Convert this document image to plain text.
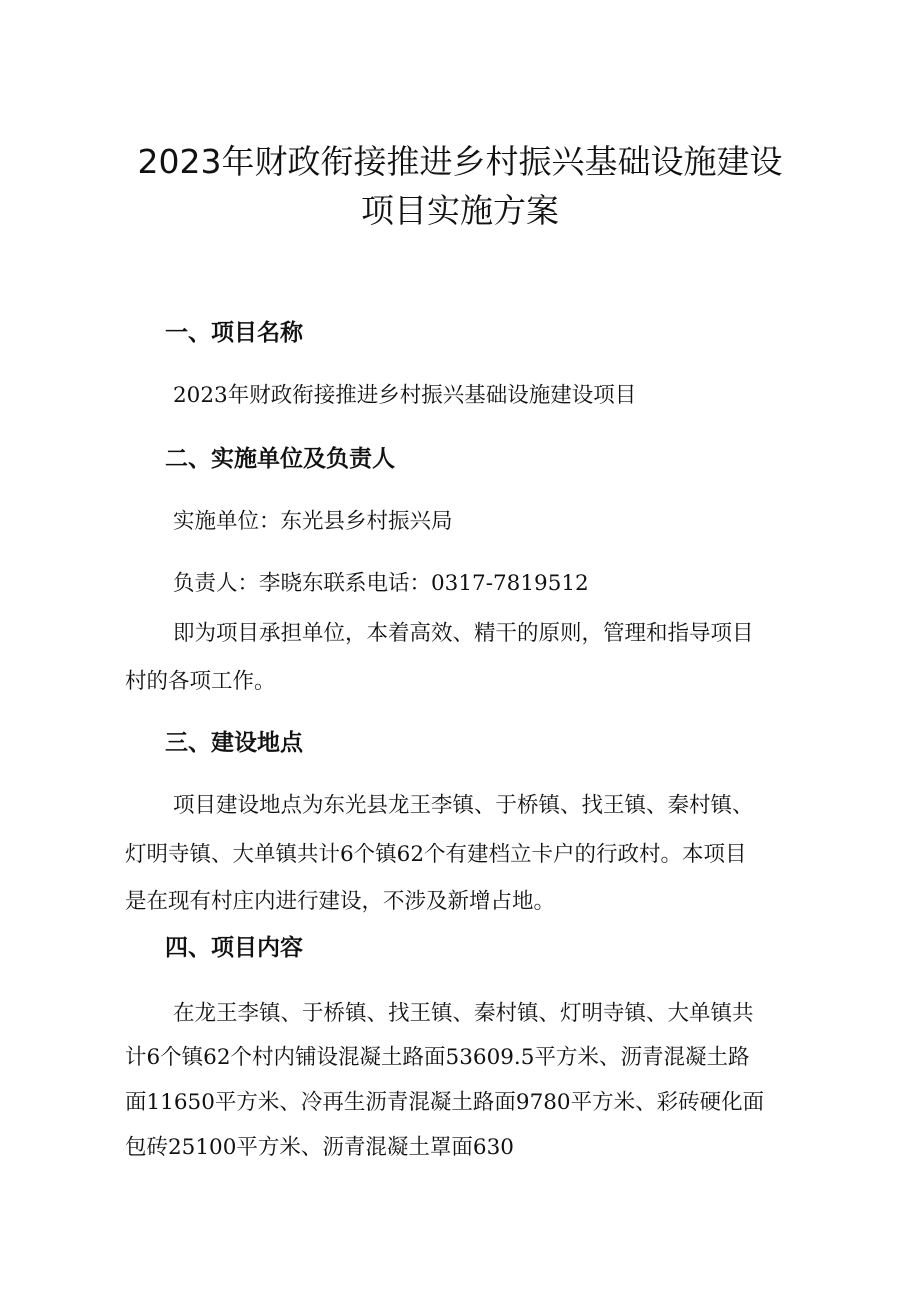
2023年财政衔接推进乡村振兴基础设施建设
项目实施方案
一、项目名称
2023年财政衔接推进乡村振兴基础设施建设项目
二、实施单位及负责人
实施单位：东光县乡村振兴局
负责人：李晓东联系电话：0317-7819512
即为项目承担单位，本着高效、精干的原则，管理和指导项目
村的各项工作。
三、建设地点
项目建设地点为东光县龙王李镇、于桥镇、找王镇、秦村镇、
灯明寺镇、大单镇共计6个镇62个有建档立卡户的行政村。本项目
是在现有村庄内进行建设，不涉及新增占地。
四、项目内容
在龙王李镇、于桥镇、找王镇、秦村镇、灯明寺镇、大单镇共
计6个镇62个村内铺设混凝土路面53609.5平方米、沥青混凝土路
面11650平方米、冷再生沥青混凝土路面9780平方米、彩砖硬化面
包砖25100平方米、沥青混凝土罩面630
